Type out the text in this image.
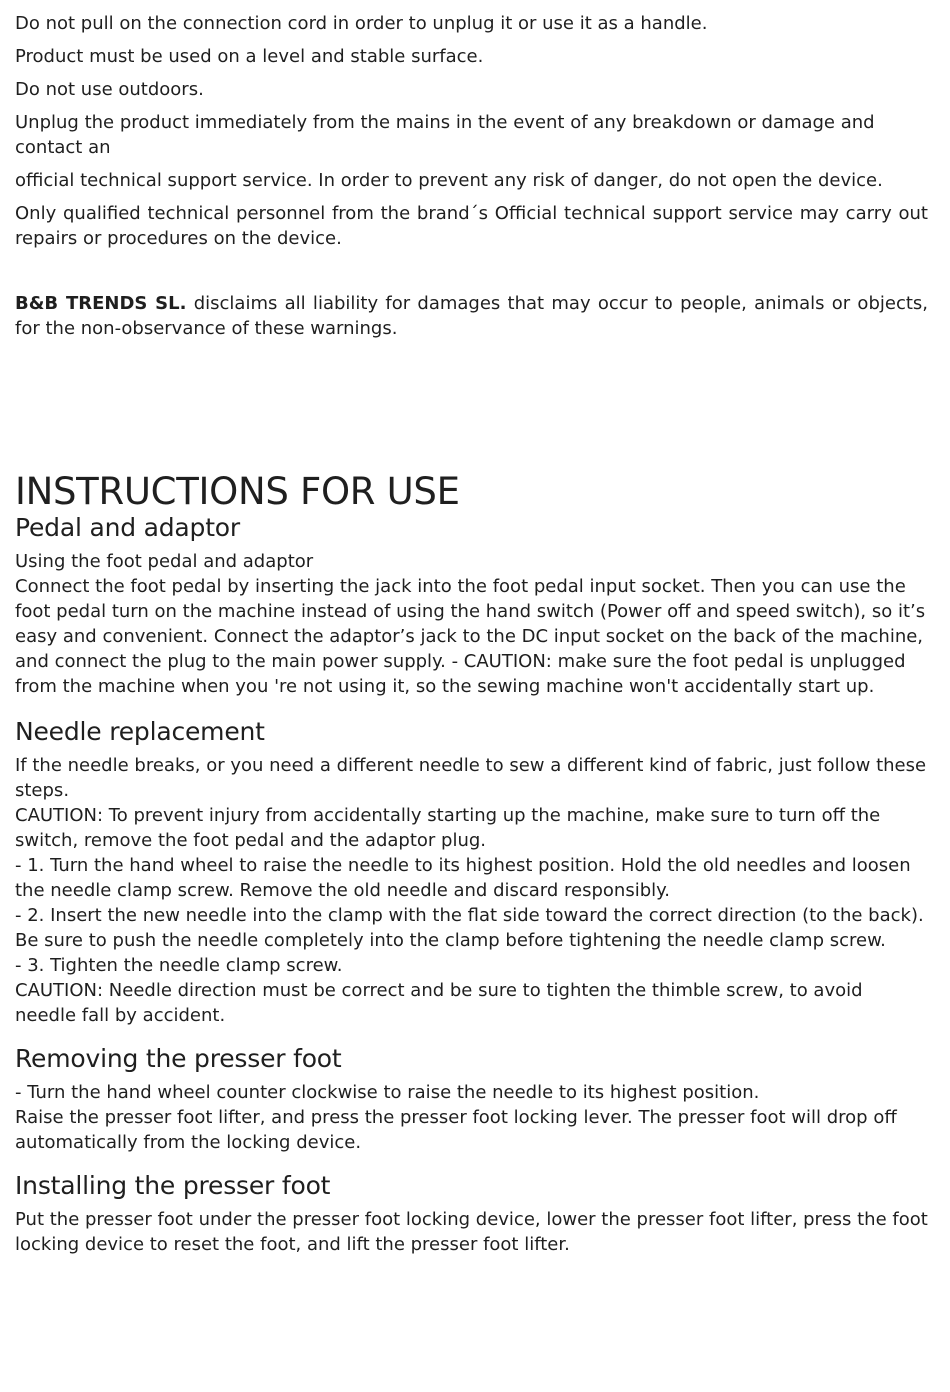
Do not pull on the connection cord in order to unplug it or use it as a handle.

Product must be used on a level and stable surface.

Do not use outdoors.

Unplug the product immediately from the mains in the event of any breakdown or damage and contact an

official technical support service. In order to prevent any risk of danger, do not open the device.

Only qualified technical personnel from the brand´s Official technical support service may carry out repairs or procedures on the device.

B&B TRENDS SL. disclaims all liability for damages that may occur to people, animals or objects, for the non-observance of these warnings.

INSTRUCTIONS FOR USE
Pedal and adaptor

Using the foot pedal and adaptor

Connect the foot pedal by inserting the jack into the foot pedal input socket. Then you can use the foot pedal turn on the machine instead of using the hand switch (Power off and speed switch), so it’s easy and convenient. Connect the adaptor’s jack to the DC input socket on the back of the machine, and connect the plug to the main power supply. - CAUTION: make sure the foot pedal is unplugged from the machine when you 're not using it, so the sewing machine won't accidentally start up.

Needle replacement

If the needle breaks, or you need a different needle to sew a different kind of fabric, just follow these steps.

CAUTION: To prevent injury from accidentally starting up the machine, make sure to turn off the switch, remove the foot pedal and the adaptor plug.

- 1. Turn the hand wheel to raise the needle to its highest position. Hold the old needles and loosen the needle clamp screw. Remove the old needle and discard responsibly.

- 2. Insert the new needle into the clamp with the flat side toward the correct direction (to the back). Be sure to push the needle completely into the clamp before tightening the needle clamp screw.

- 3. Tighten the needle clamp screw.

CAUTION: Needle direction must be correct and be sure to tighten the thimble screw, to avoid needle fall by accident.

Removing the presser foot

- Turn the hand wheel counter clockwise to raise the needle to its highest position.

Raise the presser foot lifter, and press the presser foot locking lever. The presser foot will drop off automatically from the locking device.

Installing the presser foot

Put the presser foot under the presser foot locking device, lower the presser foot lifter, press the foot locking device to reset the foot, and lift the presser foot lifter.
